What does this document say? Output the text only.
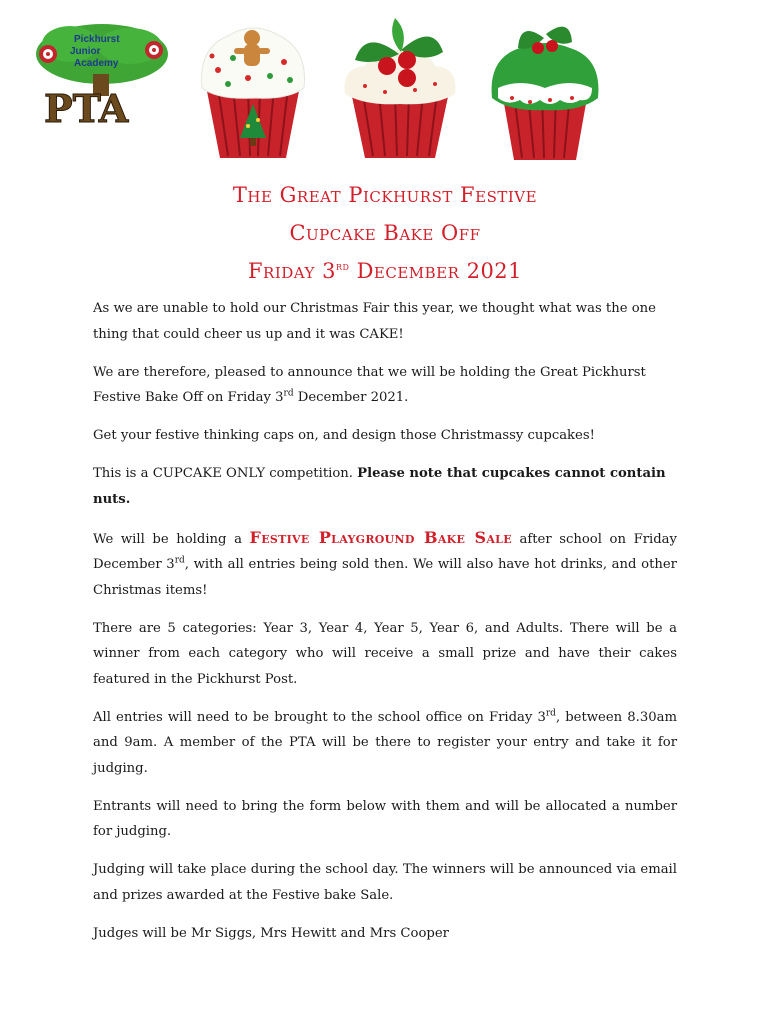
Pickhurst
Junior
Academy
PTA
The Great Pickhurst Festive
Cupcake Bake Off
Friday 3rd December 2021

As we are unable to hold our Christmas Fair this year, we thought what was the one thing that could cheer us up and it was CAKE!

We are therefore, pleased to announce that we will be holding the Great Pickhurst Festive Bake Off on Friday 3rd December 2021.

Get your festive thinking caps on, and design those Christmassy cupcakes!

This is a CUPCAKE ONLY competition. Please note that cupcakes cannot contain nuts.

We will be holding a Festive Playground Bake Sale after school on Friday December 3rd, with all entries being sold then. We will also have hot drinks, and other Christmas items!

There are 5 categories: Year 3, Year 4, Year 5, Year 6, and Adults. There will be a winner from each category who will receive a small prize and have their cakes featured in the Pickhurst Post.

All entries will need to be brought to the school office on Friday 3rd, between 8.30am and 9am. A member of the PTA will be there to register your entry and take it for judging.

Entrants will need to bring the form below with them and will be allocated a number for judging.

Judging will take place during the school day. The winners will be announced via email and prizes awarded at the Festive bake Sale.

Judges will be Mr Siggs, Mrs Hewitt and Mrs Cooper
